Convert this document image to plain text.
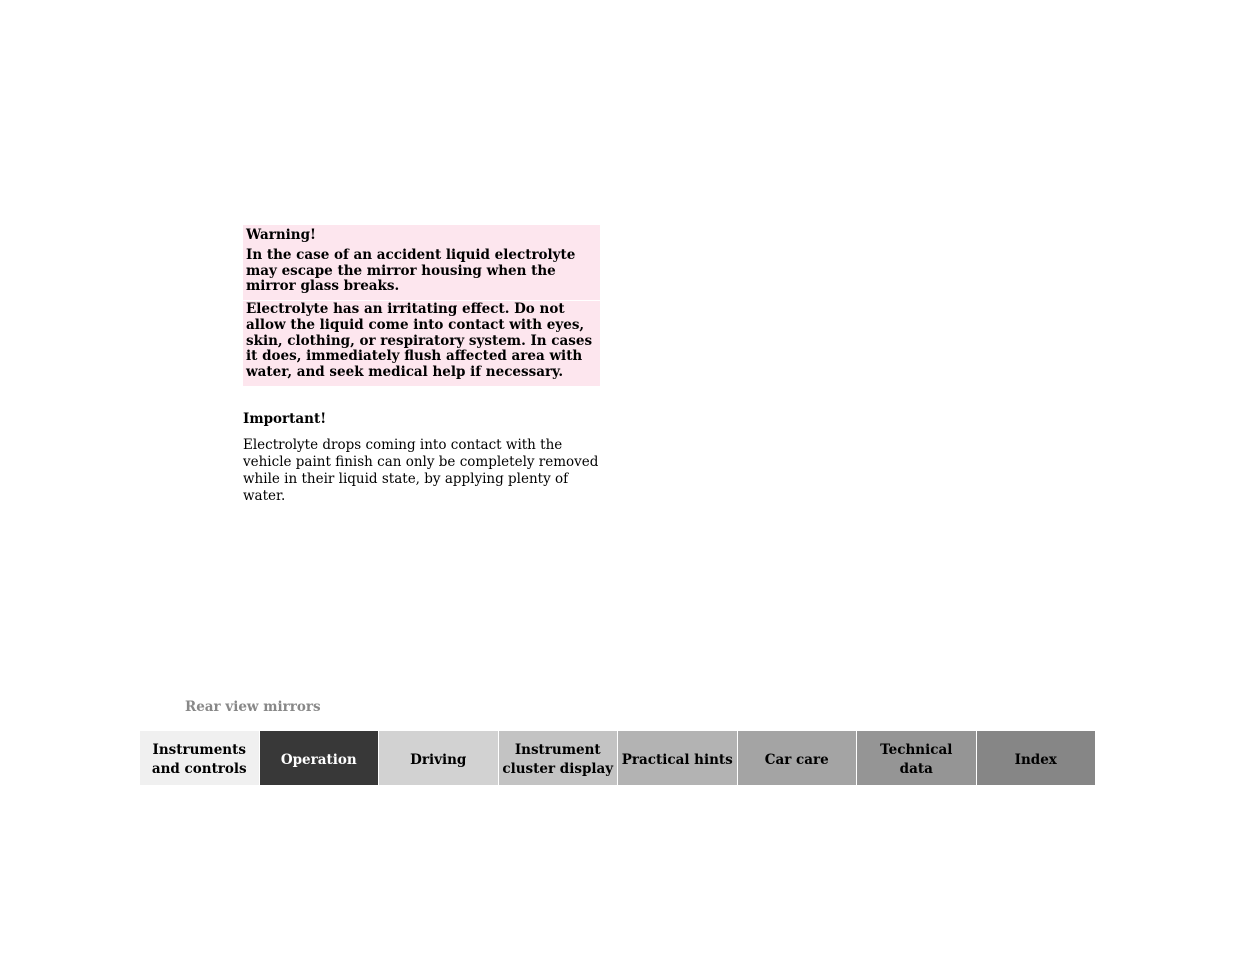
Warning!

In the case of an accident liquid electrolyte may escape the mirror housing when the mirror glass breaks.

Electrolyte has an irritating effect. Do not allow the liquid come into contact with eyes, skin, clothing, or respiratory system. In cases it does, immediately flush affected area with water, and seek medical help if necessary.

Important!
Electrolyte drops coming into contact with the vehicle paint finish can only be completely removed while in their liquid state, by applying plenty of water.
Rear view mirrors
Instruments
and controls
Operation	Driving
Instrument
cluster display
Practical hints Car care
Technical
data
Index
